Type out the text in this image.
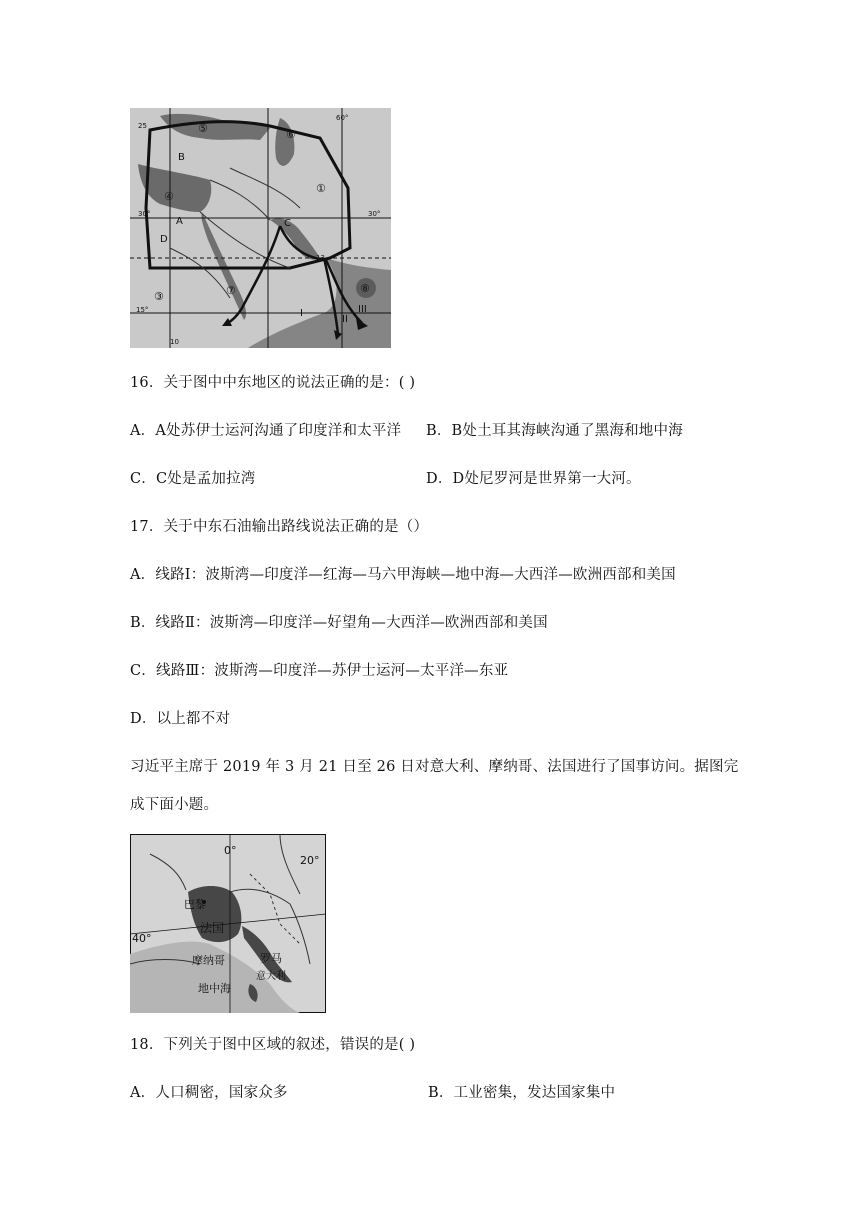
B
C
D
A
⑤	⑥
①
④
③	⑦	⑧
I
II
III
30°
15°
30°
60°
25
13
10
16．关于图中中东地区的说法正确的是：( )
A．A处苏伊士运河沟通了印度洋和太平洋 B．B处土耳其海峡沟通了黑海和地中海
C．C处是孟加拉湾	D．D处尼罗河是世界第一大河。
17．关于中东石油输出路线说法正确的是（）
A．线路Ⅰ：波斯湾—印度洋—红海—马六甲海峡—地中海—大西洋—欧洲西部和美国
B．线路Ⅱ：波斯湾—印度洋—好望角—大西洋—欧洲西部和美国
C．线路Ⅲ：波斯湾—印度洋—苏伊士运河—太平洋—东亚
D．以上都不对
习近平主席于 2019 年 3 月 21 日至 26 日对意大利、摩纳哥、法国进行了国事访问。据图完
成下面小题。
0°
20°
40°
巴黎
法国
摩纳哥	罗马
地中海
意大利
18．下列关于图中区域的叙述，错误的是( )
A．人口稠密，国家众多	B．工业密集，发达国家集中
